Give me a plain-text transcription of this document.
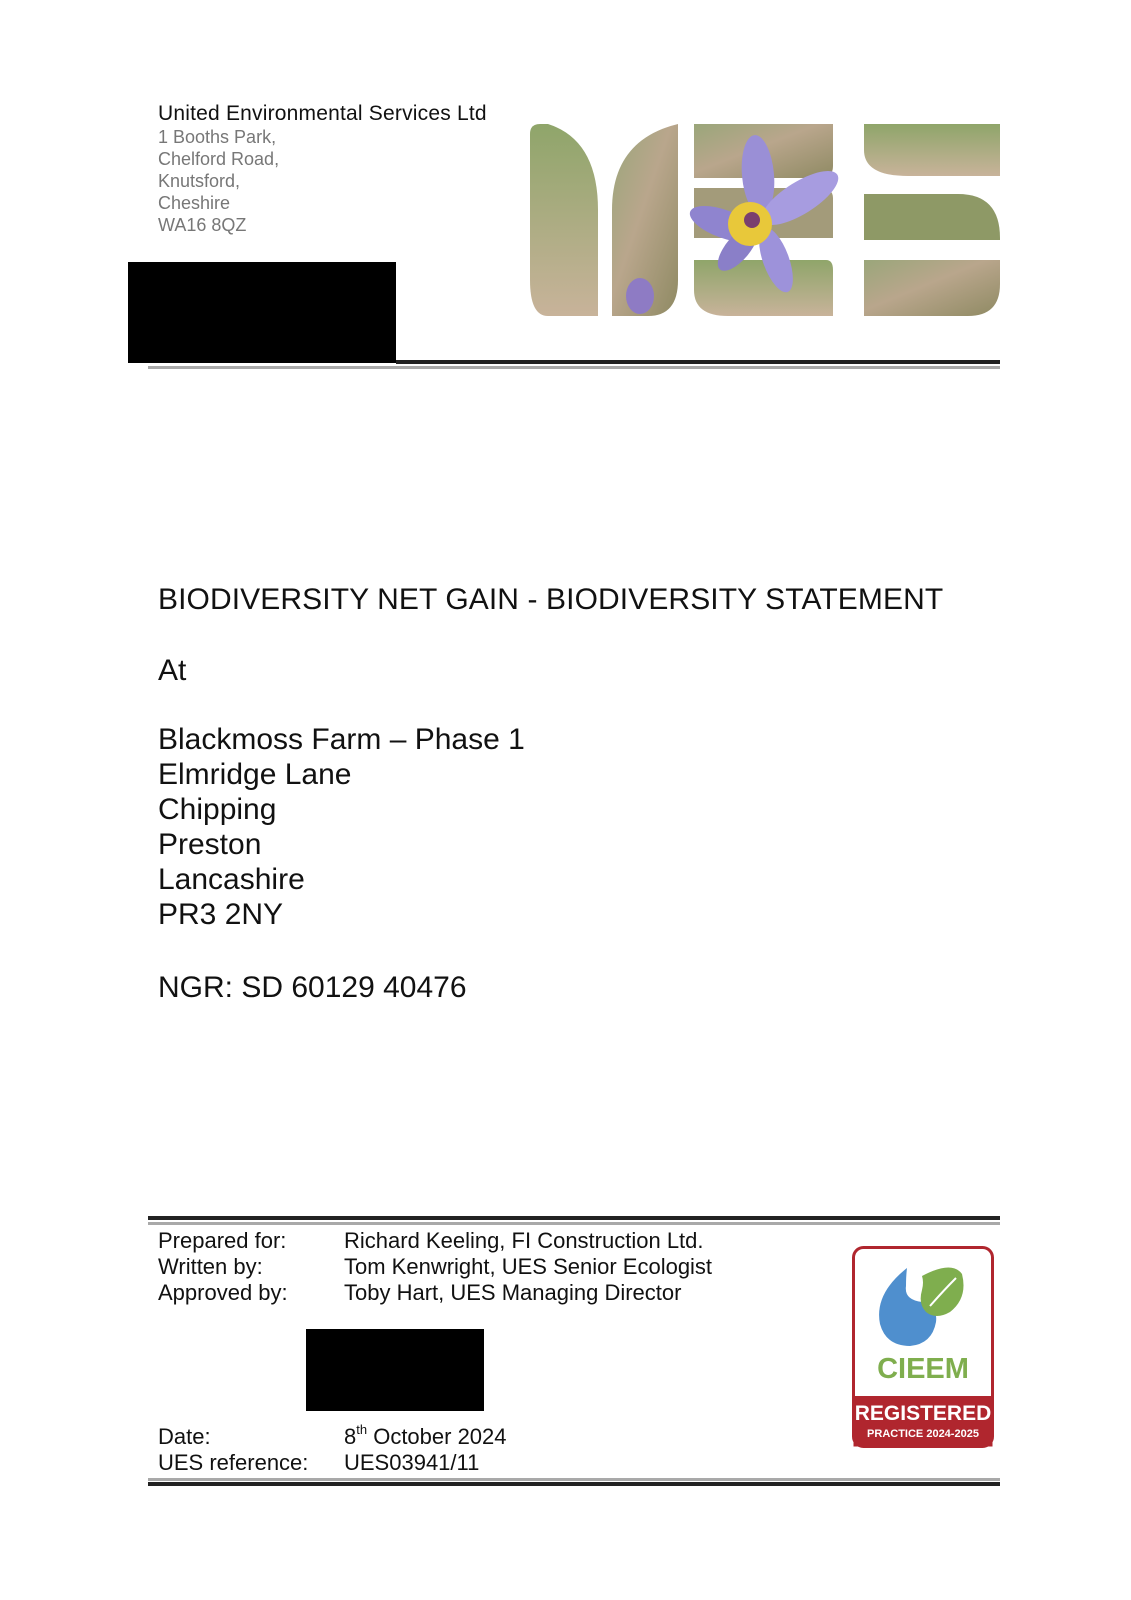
United Environmental Services Ltd
1 Booths Park,
Chelford Road,
Knutsford,
Cheshire
WA16 8QZ
BIODIVERSITY NET GAIN - BIODIVERSITY STATEMENT
At
Blackmoss Farm – Phase 1
Elmridge Lane
Chipping
Preston
Lancashire
PR3 2NY
NGR: SD 60129 40476
Prepared for:	Richard Keeling, FI Construction Ltd.
Written by:	Tom Kenwright, UES Senior Ecologist
Approved by:	Toby Hart, UES Managing Director
Date:	8th October 2024
UES reference: UES03941/11
CIEEM
REGISTERED
PRACTICE 2024-2025
